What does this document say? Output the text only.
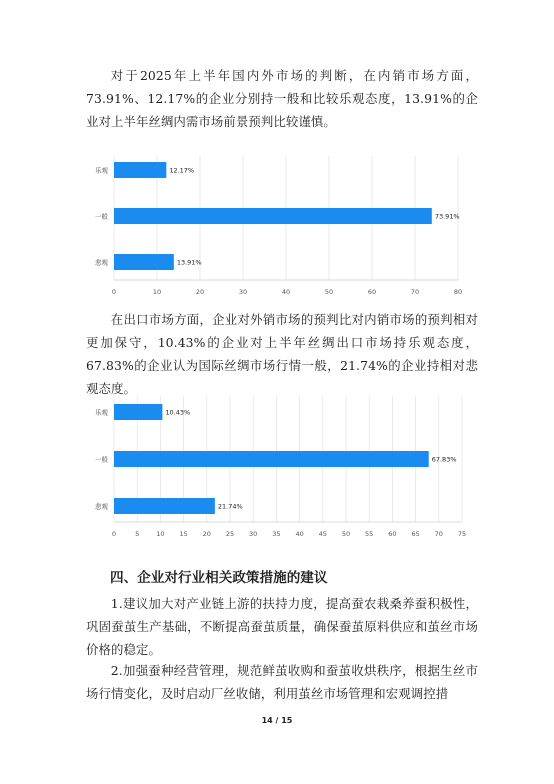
对于2025年上半年国内外市场的判断，在内销市场方面，73.91%、12.17%的企业分别持一般和比较乐观态度，13.91%的企业对上半年丝绸内需市场前景预判比较谨慎。

0	10	20	30	40	50	60	70	80
乐观	12.17%
一般	73.91%
悲观	13.91%

在出口市场方面，企业对外销市场的预判比对内销市场的预判相对更加保守，10.43%的企业对上半年丝绸出口市场持乐观态度，67.83%的企业认为国际丝绸市场行情一般，21.74%的企业持相对悲观态度。

0	5	10 15 20 25 30 35 40 45 50 55 60 65 70 75
乐观	10.43%
一般	67.83%
悲观	21.74%
四、企业对行业相关政策措施的建议

1.建议加大对产业链上游的扶持力度，提高蚕农栽桑养蚕积极性，巩固蚕茧生产基础，不断提高蚕茧质量，确保蚕茧原料供应和茧丝市场价格的稳定。

2.加强蚕种经营管理，规范鲜茧收购和蚕茧收烘秩序，根据生丝市场行情变化，及时启动厂丝收储，利用茧丝市场管理和宏观调控措

14 / 15
